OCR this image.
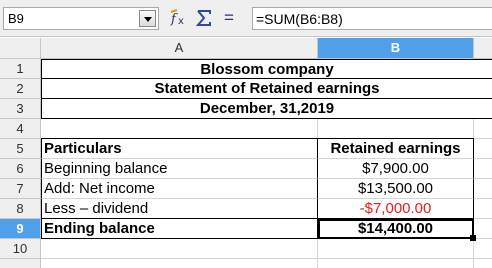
B9	f x =	=SUM(B6:B8)
A	B
1
2
3
4
5
6
7
8
9
10
Blossom company
Statement of Retained earnings
December, 31,2019
Particulars	Retained earnings
Beginning balance	$7,900.00
Add: Net income	$13,500.00
Less – dividend	-$7,000.00
Ending balance	$14,400.00
